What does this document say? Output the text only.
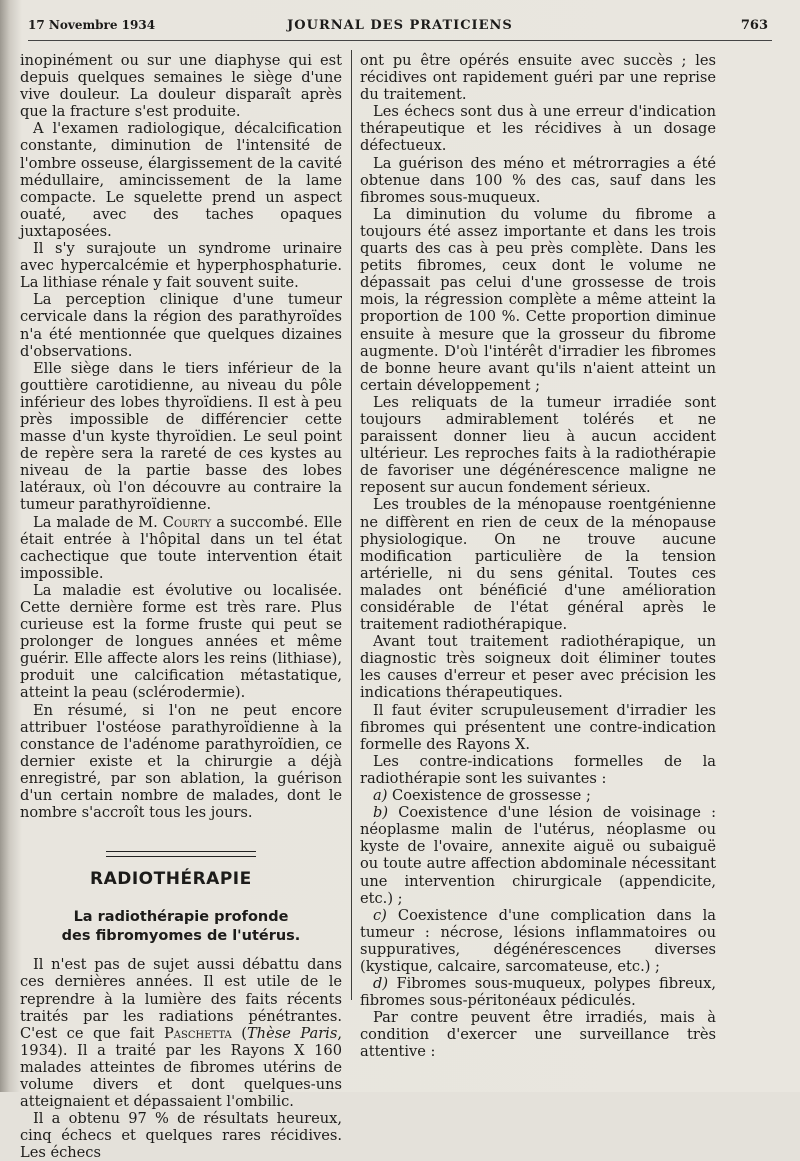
17 Novembre 1934	JOURNAL DES PRATICIENS	763

inopinément ou sur une diaphyse qui est depuis quelques semaines le siège d'une vive douleur. La douleur disparaît après que la fracture s'est produite.

A l'examen radiologique, décalcification constante, diminution de l'intensité de l'ombre osseuse, élargissement de la cavité médullaire, amincissement de la lame compacte. Le squelette prend un aspect ouaté, avec des taches opaques juxtaposées.

Il s'y surajoute un syndrome urinaire avec hypercalcémie et hyperphosphaturie. La lithiase rénale y fait souvent suite.

La perception clinique d'une tumeur cervicale dans la région des parathyroïdes n'a été mentionnée que quelques dizaines d'observations.

Elle siège dans le tiers inférieur de la gouttière carotidienne, au niveau du pôle inférieur des lobes thyroïdiens. Il est à peu près impossible de différencier cette masse d'un kyste thyroïdien. Le seul point de repère sera la rareté de ces kystes au niveau de la partie basse des lobes latéraux, où l'on découvre au contraire la tumeur parathyroïdienne.

La malade de M. Courty a succombé. Elle était entrée à l'hôpital dans un tel état cachectique que toute intervention était impossible.

La maladie est évolutive ou localisée. Cette dernière forme est très rare. Plus curieuse est la forme fruste qui peut se prolonger de longues années et même guérir. Elle affecte alors les reins (lithiase), produit une calcification métastatique, atteint la peau (sclérodermie).

En résumé, si l'on ne peut encore attribuer l'ostéose parathyroïdienne à la constance de l'adénome parathyroïdien, ce dernier existe et la chirurgie a déjà enregistré, par son ablation, la guérison d'un certain nombre de malades, dont le nombre s'accroît tous les jours.

RADIOTHÉRAPIE
La radiothérapie profonde
des fibromyomes de l'utérus.

Il n'est pas de sujet aussi débattu dans ces dernières années. Il est utile de le reprendre à la lumière des faits récents traités par les radiations pénétrantes. C'est ce que fait Paschetta (Thèse Paris, 1934). Il a traité par les Rayons X 160 malades atteintes de fibromes utérins de volume divers et dont quelques-uns atteignaient et dépassaient l'ombilic.

Il a obtenu 97 % de résultats heureux, cinq échecs et quelques rares récidives. Les échecs

ont pu être opérés ensuite avec succès ; les récidives ont rapidement guéri par une reprise du traitement.

Les échecs sont dus à une erreur d'indication thérapeutique et les récidives à un dosage défectueux.

La guérison des méno et métrorragies a été obtenue dans 100 % des cas, sauf dans les fibromes sous-muqueux.

La diminution du volume du fibrome a toujours été assez importante et dans les trois quarts des cas à peu près complète. Dans les petits fibromes, ceux dont le volume ne dépassait pas celui d'une grossesse de trois mois, la régression complète a même atteint la proportion de 100 %. Cette proportion diminue ensuite à mesure que la grosseur du fibrome augmente. D'où l'intérêt d'irradier les fibromes de bonne heure avant qu'ils n'aient atteint un certain développement ;

Les reliquats de la tumeur irradiée sont toujours admirablement tolérés et ne paraissent donner lieu à aucun accident ultérieur. Les reproches faits à la radiothérapie de favoriser une dégénérescence maligne ne reposent sur aucun fondement sérieux.

Les troubles de la ménopause roentgénienne ne diffèrent en rien de ceux de la ménopause physiologique. On ne trouve aucune modification particulière de la tension artérielle, ni du sens génital. Toutes ces malades ont bénéficié d'une amélioration considérable de l'état général après le traitement radiothérapique.

Avant tout traitement radiothérapique, un diagnostic très soigneux doit éliminer toutes les causes d'erreur et peser avec précision les indications thérapeutiques.

Il faut éviter scrupuleusement d'irradier les fibromes qui présentent une contre-indication formelle des Rayons X.

Les contre-indications formelles de la radiothérapie sont les suivantes :

a) Coexistence de grossesse ;

b) Coexistence d'une lésion de voisinage : néoplasme malin de l'utérus, néoplasme ou kyste de l'ovaire, annexite aiguë ou subaiguë ou toute autre affection abdominale nécessitant une intervention chirurgicale (appendicite, etc.) ;

c) Coexistence d'une complication dans la tumeur : nécrose, lésions inflammatoires ou suppuratives, dégénérescences diverses (kystique, calcaire, sarcomateuse, etc.) ;

d) Fibromes sous-muqueux, polypes fibreux, fibromes sous-péritonéaux pédiculés.

Par contre peuvent être irradiés, mais à condition d'exercer une surveillance très attentive :
